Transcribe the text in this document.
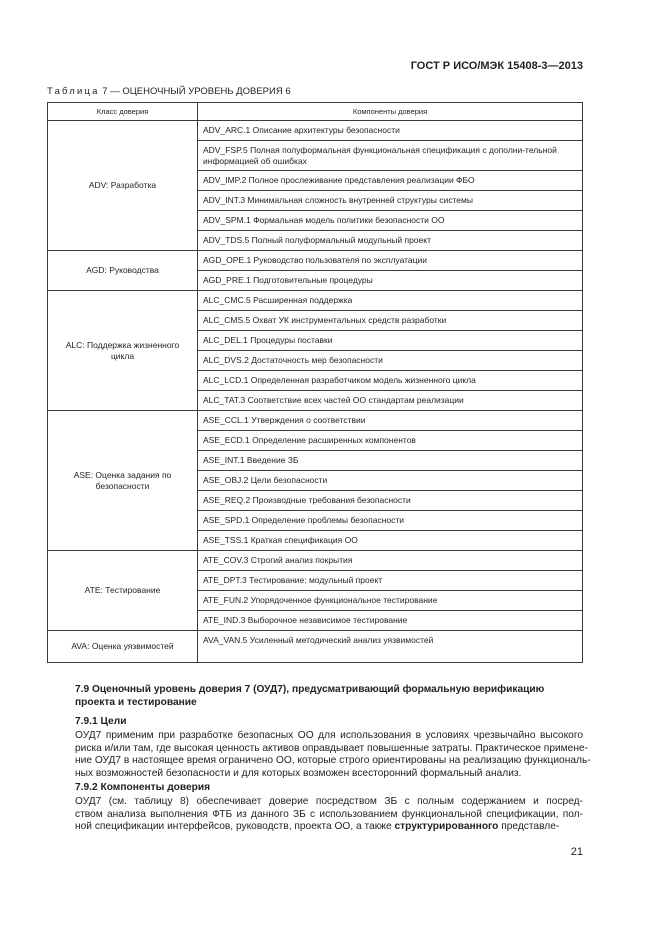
ГОСТ Р ИСО/МЭК 15408-3—2013
Таблица 7 — ОЦЕНОЧНЫЙ УРОВЕНЬ ДОВЕРИЯ 6
Класс доверия	Компоненты доверия
ADV: Разработка	ADV_ARC.1 Описание архитектуры безопасности
	ADV_FSP.5 Полная полуформальная функциональная спецификация с дополни-тельной информацией об ошибках
	ADV_IMP.2 Полное прослеживание представления реализации ФБО
	ADV_INT.3 Минимальная сложность внутренней структуры системы
	ADV_SPM.1 Формальная модель политики безопасности ОО
	ADV_TDS.5 Полный полуформальный модульный проект
AGD: Руководства	AGD_OPE.1 Руководство пользователя по эксплуатации
	AGD_PRE.1 Подготовительные процедуры
ALC: Поддержка жизненного цикла	ALC_CMC.5 Расширенная поддержка
	ALC_CMS.5 Охват УК инструментальных средств разработки
	ALC_DEL.1 Процедуры поставки
	ALC_DVS.2 Достаточность мер безопасности
	ALC_LCD.1 Определенная разработчиком модель жизненного цикла
	ALC_TAT.3 Соответствие всех частей ОО стандартам реализации
ASE: Оценка задания по безопасности	ASE_CCL.1 Утверждения о соответствии
	ASE_ECD.1 Определение расширенных компонентов
	ASE_INT.1 Введение ЗБ
	ASE_OBJ.2 Цели безопасности
	ASE_REQ.2 Производные требования безопасности
	ASE_SPD.1 Определение проблемы безопасности
	ASE_TSS.1 Краткая спецификация ОО
ATE: Тестирование	ATE_COV.3 Строгий анализ покрытия
	ATE_DPT.3 Тестирование: модульный проект
	ATE_FUN.2 Упорядоченное функциональное тестирование
	ATE_IND.3 Выборочное независимое тестирование
AVA: Оценка уязвимостей	AVA_VAN.5 Усиленный методический анализ уязвимостей
7.9 Оценочный уровень доверия 7 (ОУД7), предусматривающий формальную верификацию проекта и тестирование
7.9.1 Цели
ОУД7 применим при разработке безопасных ОО для использования в условиях чрезвычайно высокого
риска и/или там, где высокая ценность активов оправдывает повышенные затраты. Практическое примене-
ние ОУД7 в настоящее время ограничено ОО, которые строго ориентированы на реализацию функциональ-
ных возможностей безопасности и для которых возможен всесторонний формальный анализ.
7.9.2 Компоненты доверия
ОУД7 (см. таблицу 8) обеспечивает доверие посредством ЗБ с полным содержанием и посред-
ством анализа выполнения ФТБ из данного ЗБ с использованием функциональной спецификации, пол-
ной спецификации интерфейсов, руководств, проекта ОО, а также структурированного представле-
21
